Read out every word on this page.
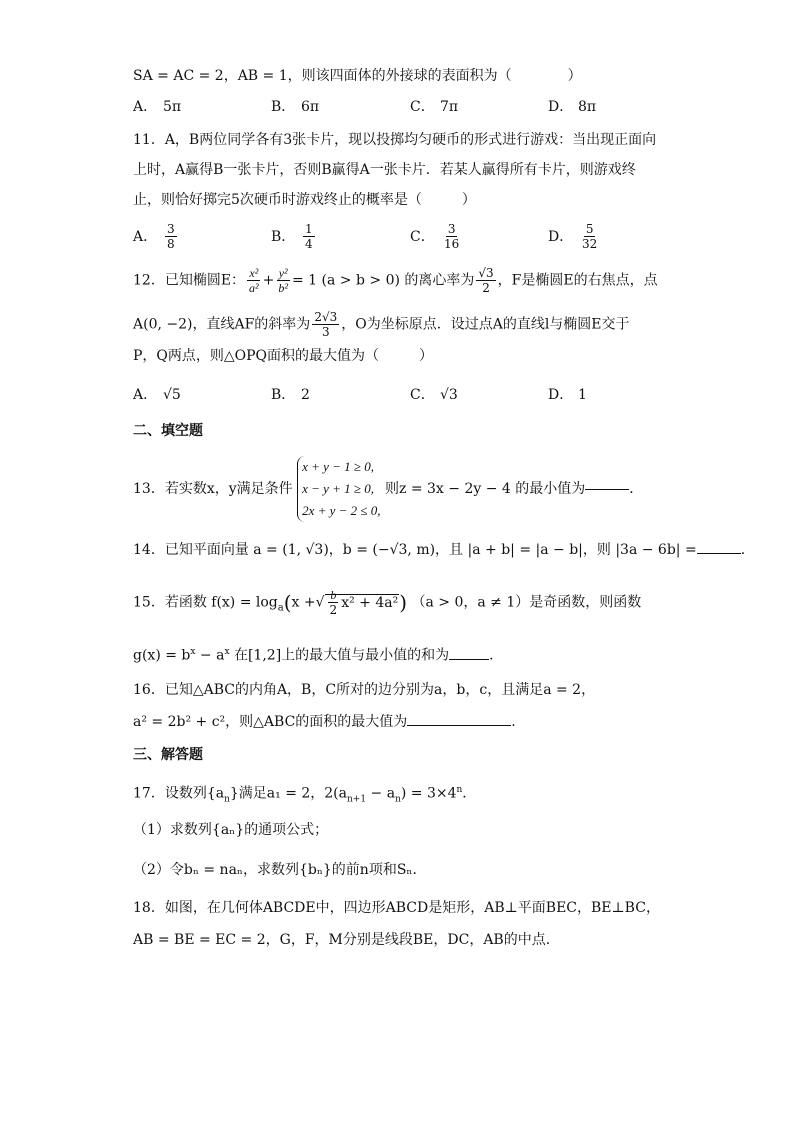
SA = AC = 2，AB = 1，则该四面体的外接球的表面积为（	）
A． 5π	B． 6π	C． 7π	D． 8π
11．A，B两位同学各有3张卡片，现以投掷均匀硬币的形式进行游戏：当出现正面向
上时，A赢得B一张卡片，否则B赢得A一张卡片．若某人赢得所有卡片，则游戏终
止，则恰好掷完5次硬币时游戏终止的概率是（	）
A． $\frac{3}{8}$	B． $\frac{1}{4}$	C． $\frac{3}{16}$	D． $\frac{5}{32}$
12．已知椭圆E： $\frac{\text{x²}}{\text{a²}} + \frac{\text{y²}}{\text{b²}} = 1$ (a > b > 0) 的离心率为 $\frac{√3}{2}$ ，F是椭圆E的右焦点，点
A(0, −2)，直线AF的斜率为 $\frac{2√3}{3}$ ，O为坐标原点．设过点A的直线l与椭圆E交于
P，Q两点，则△OPQ面积的最大值为（	）
A． √5	B． 2	C． √3	D． 1
二、填空题
13．若实数x，y满足条件
x + y − 1 ≥ 0,
x − y + 1 ≥ 0,
2x + y − 2 ≤ 0,
则z = 3x − 2y − 4 的最小值为	．
14．已知平面向量 a = (1, √3)，b = (−√3, m)，且 |a + b| = |a − b|，则 |3a − 6b| =	．
15．若函数 $f(x) = \log_a(x$ +√ $\frac{b}{2} x^2 + 4a^2$) （a > 0，a ≠ 1）是奇函数，则函数
$g(x) = b^x - a^x$ 在[1,2]上的最大值与最小值的和为	．
16．已知△ABC的内角A，B，C所对的边分别为a，b，c，且满足a = 2，
a² = 2b² + c²，则△ABC的面积的最大值为	.
三、解答题
17．设数列$\{a_n\}$满足a₁ = 2，$2(a_{n+1} - a_n) = 3\times 4^n$．
（1）求数列{aₙ}的通项公式；
（2）令bₙ = naₙ，求数列{bₙ}的前n项和Sₙ．
18．如图，在几何体ABCDE中，四边形ABCD是矩形，AB⊥平面BEC，BE⊥BC，
AB = BE = EC = 2，G，F，M分别是线段BE，DC，AB的中点．
